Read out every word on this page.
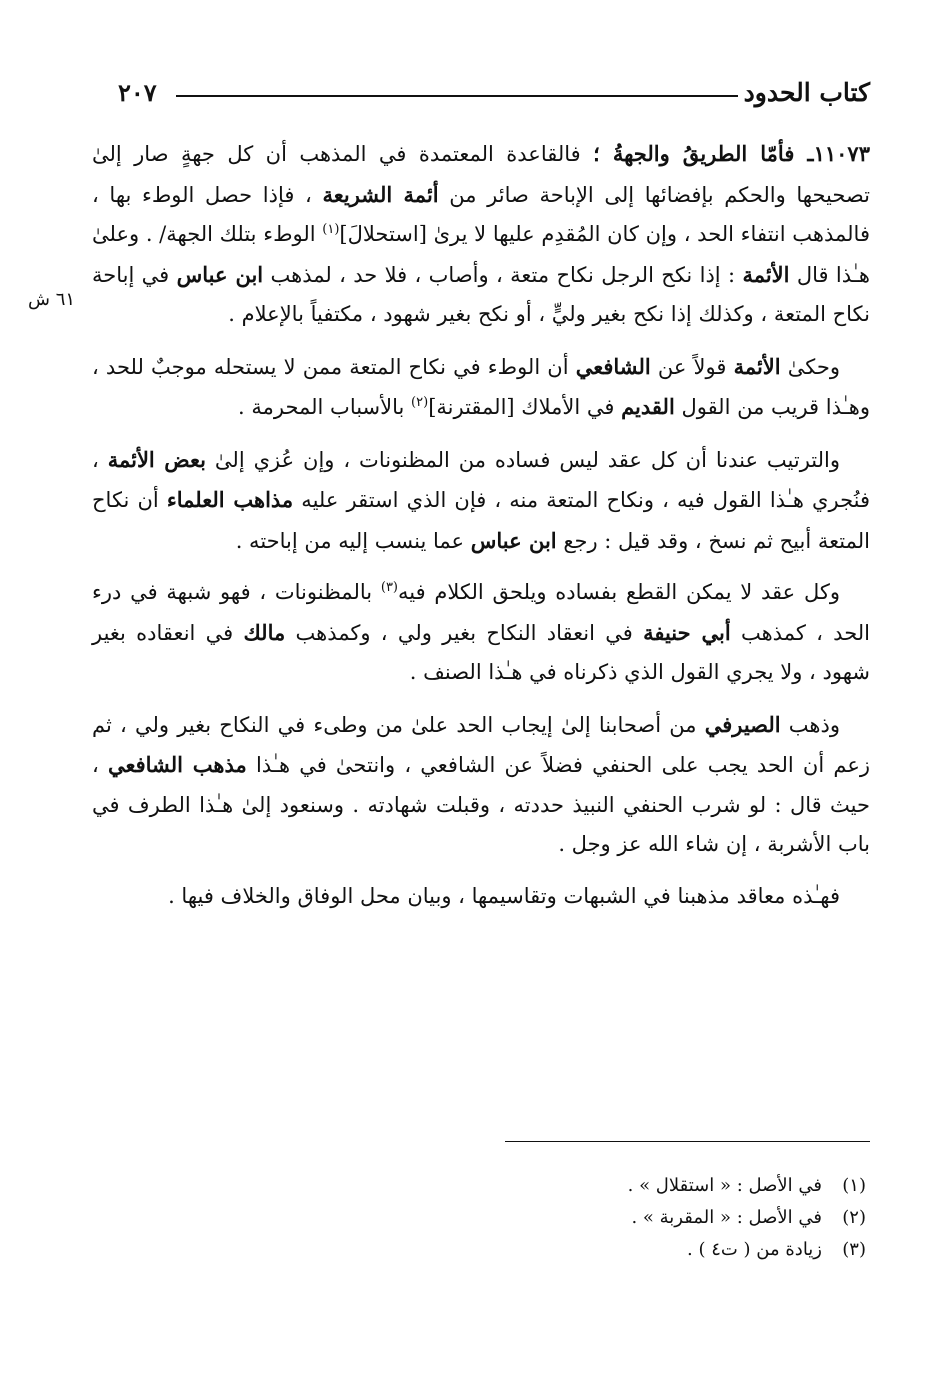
كتاب الحدود
٢٠٧
٦١ ش

١١٠٧٣ـ فأمّا الطريقُ والجهةُ ؛ فالقاعدة المعتمدة في المذهب أن كل جهةٍ صار إلىٰ تصحيحها والحكم بإفضائها إلى الإباحة صائر من أئمة الشريعة ، فإذا حصل الوطء بها ، فالمذهب انتفاء الحد ، وإن كان المُقدِم عليها لا يرىٰ [استحلالَ]$^{(١)}$ الوطء بتلك الجهة/ . وعلىٰ هـٰذا قال الأئمة : إذا نكح الرجل نكاح متعة ، وأصاب ، فلا حد ، لمذهب ابن عباس في إباحة نكاح المتعة ، وكذلك إذا نكح بغير وليٍّ ، أو نكح بغير شهود ، مكتفياً بالإعلام .

وحكىٰ الأئمة قولاً عن الشافعي أن الوطء في نكاح المتعة ممن لا يستحله موجبٌ للحد ، وهـٰذا قريب من القول القديم في الأملاك [المقترنة]$^{(٢)}$ بالأسباب المحرمة .

والترتيب عندنا أن كل عقد ليس فساده من المظنونات ، وإن عُزي إلىٰ بعض الأئمة ، فنُجري هـٰذا القول فيه ، ونكاح المتعة منه ، فإن الذي استقر عليه مذاهب العلماء أن نكاح المتعة أبيح ثم نسخ ، وقد قيل : رجع ابن عباس عما ينسب إليه من إباحته .

وكل عقد لا يمكن القطع بفساده ويلحق الكلام فيه$^{(٣)}$ بالمظنونات ، فهو شبهة في درء الحد ، كمذهب أبي حنيفة في انعقاد النكاح بغير ولي ، وكمذهب مالك في انعقاده بغير شهود ، ولا يجري القول الذي ذكرناه في هـٰذا الصنف .

وذهب الصيرفي من أصحابنا إلىٰ إيجاب الحد علىٰ من وطىء في النكاح بغير ولي ، ثم زعم أن الحد يجب على الحنفي فضلاً عن الشافعي ، وانتحىٰ في هـٰذا مذهب الشافعي ، حيث قال : لو شرب الحنفي النبيذ حددته ، وقبلت شهادته . وسنعود إلىٰ هـٰذا الطرف في باب الأشربة ، إن شاء الله عز وجل .

فهـٰذه معاقد مذهبنا في الشبهات وتقاسيمها ، وبيان محل الوفاق والخلاف فيها .

(١)
في الأصل : « استقلال » .
(٢)
في الأصل : « المقربة » .
(٣)
زيادة من ( ت٤ ) .
